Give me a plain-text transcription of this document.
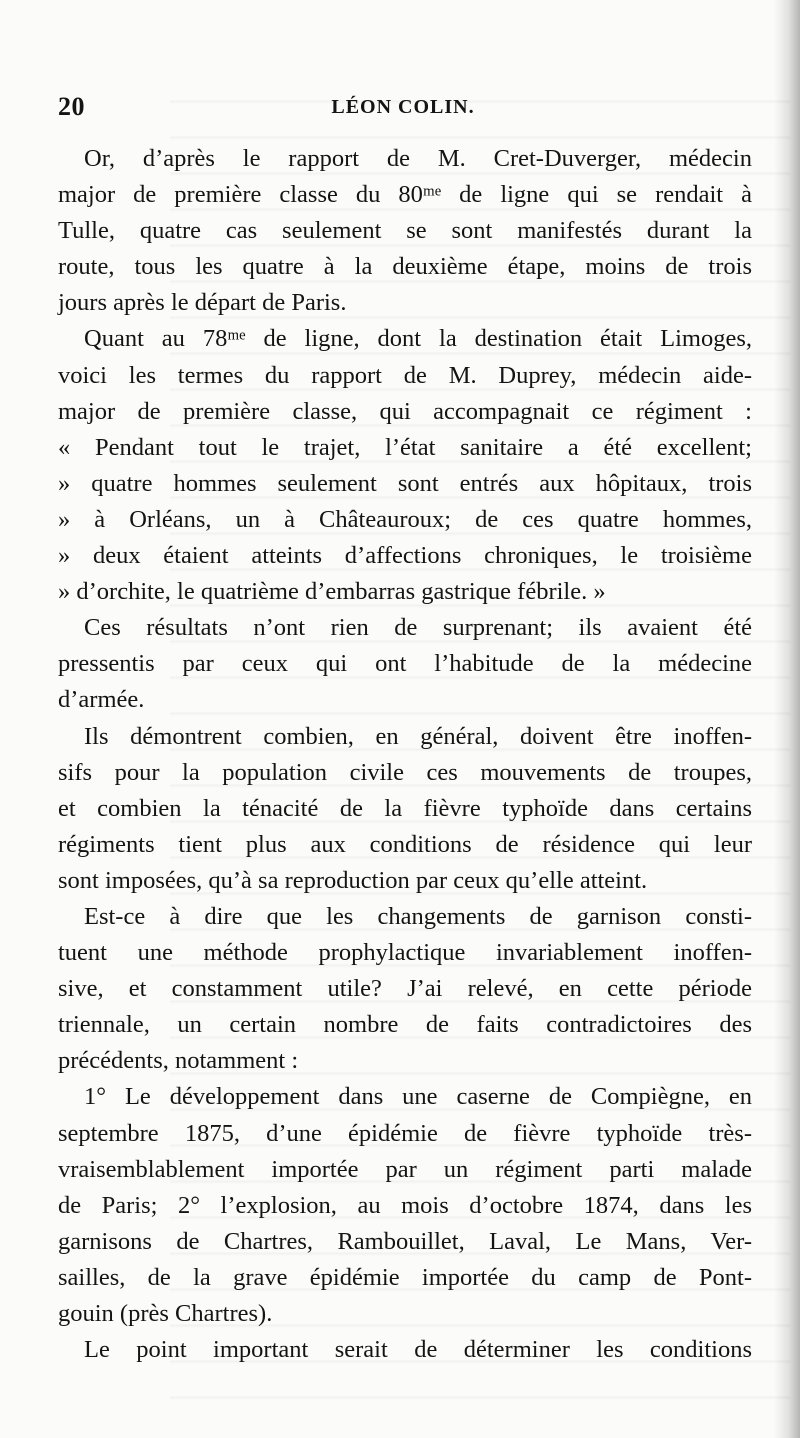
20	LÉON COLIN.
Or, d’après le rapport de M. Cret-Duverger, médecin
major de première classe du 80ᵐᵉ de ligne qui se rendait à
Tulle, quatre cas seulement se sont manifestés durant la
route, tous les quatre à la deuxième étape, moins de trois
jours après le départ de Paris.
Quant au 78ᵐᵉ de ligne, dont la destination était Limoges,
voici les termes du rapport de M. Duprey, médecin aide-
major de première classe, qui accompagnait ce régiment :
« Pendant tout le trajet, l’état sanitaire a été excellent;
» quatre hommes seulement sont entrés aux hôpitaux, trois
» à Orléans, un à Châteauroux; de ces quatre hommes,
» deux étaient atteints d’affections chroniques, le troisième
» d’orchite, le quatrième d’embarras gastrique fébrile. »
Ces résultats n’ont rien de surprenant; ils avaient été
pressentis par ceux qui ont l’habitude de la médecine
d’armée.
Ils démontrent combien, en général, doivent être inoffen-
sifs pour la population civile ces mouvements de troupes,
et combien la ténacité de la fièvre typhoïde dans certains
régiments tient plus aux conditions de résidence qui leur
sont imposées, qu’à sa reproduction par ceux qu’elle atteint.
Est-ce à dire que les changements de garnison consti-
tuent une méthode prophylactique invariablement inoffen-
sive, et constamment utile? J’ai relevé, en cette période
triennale, un certain nombre de faits contradictoires des
précédents, notamment :
1° Le développement dans une caserne de Compiègne, en
septembre 1875, d’une épidémie de fièvre typhoïde très-
vraisemblablement importée par un régiment parti malade
de Paris; 2° l’explosion, au mois d’octobre 1874, dans les
garnisons de Chartres, Rambouillet, Laval, Le Mans, Ver-
sailles, de la grave épidémie importée du camp de Pont-
gouin (près Chartres).
Le point important serait de déterminer les conditions
